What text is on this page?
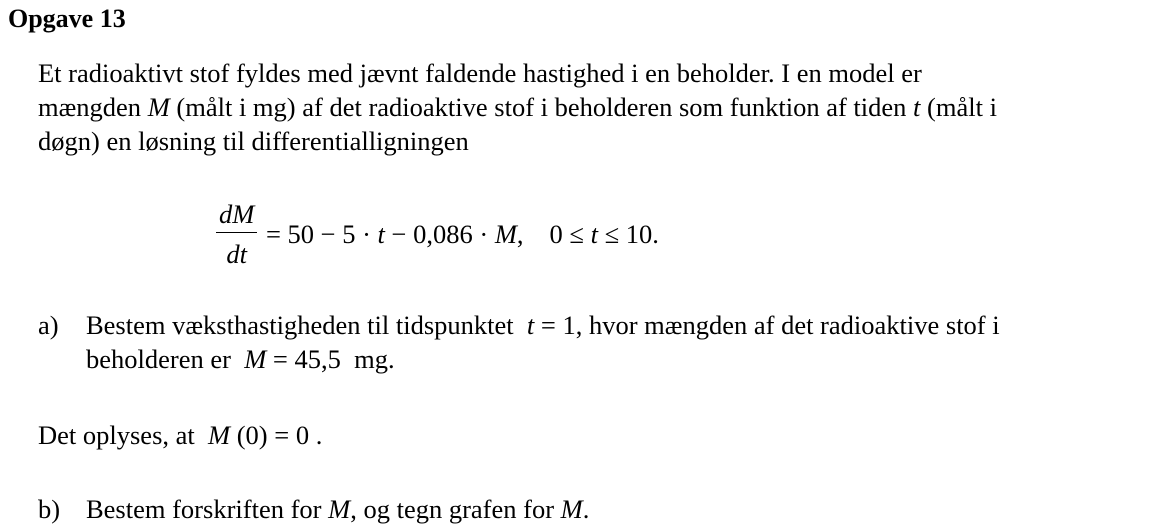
Opgave 13
Et radioaktivt stof fyldes med jævnt faldende hastighed i en beholder. I en model er
mængden M (målt i mg) af det radioaktive stof i beholderen som funktion af tiden t (målt i
døgn) en løsning til differentialligningen
$\frac{dM}{dt} = 50 - 5 \cdot t - 0,086 \cdot M$, 0 ≤ t ≤ 10.
a) Bestem væksthastigheden til tidspunktet  t = 1, hvor mængden af det radioaktive stof i
beholderen er  M = 45,5  mg.
Det oplyses, at  M (0) = 0 .
b) Bestem forskriften for M, og tegn grafen for M.
